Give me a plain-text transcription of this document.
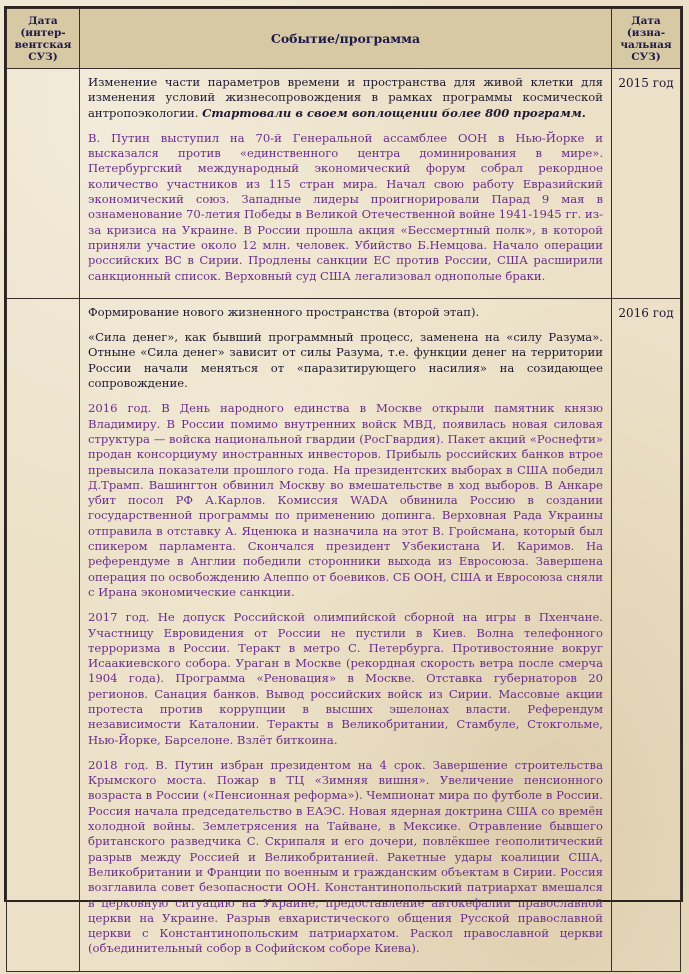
Дата (интер-вентская СУЗ)	Событие/программа	Дата (изна-чальная СУЗ)

	Изменение части параметров времени и пространства для живой клетки для изменения условий жизнесопровождения в рамках программы космической антропоэкологии. Стартовали в своем воплощении более 800 программ.

В. Путин выступил на 70-й Генеральной ассамблее ООН в Нью-Йорке и высказался против «единственного центра доминирования в мире». Петербургский международный экономический форум собрал рекордное количество участников из 115 стран мира. Начал свою работу Евразийский экономический союз. Западные лидеры проигнорировали Парад 9 мая в ознаменование 70-летия Победы в Великой Отечественной войне 1941-1945 гг. из-за кризиса на Украине. В России прошла акция «Бессмертный полк», в которой приняли участие около 12 млн. человек. Убийство Б.Немцова. Начало операции российских ВС в Сирии. Продлены санкции ЕС против России, США расширили санкционный список. Верховный суд США легализовал однополые браки.	2015 год

	Формирование нового жизненного пространства (второй этап).

«Сила денег», как бывший программный процесс, заменена на «силу Разума». Отныне «Сила денег» зависит от силы Разума, т.е. функции денег на территории России начали меняться от «паразитирующего насилия» на созидающее сопровождение.

2016 год. В День народного единства в Москве открыли памятник князю Владимиру. В России помимо внутренних войск МВД, появилась новая силовая структура — войска национальной гвардии (РосГвардия). Пакет акций «Роснефти» продан консорциуму иностранных инвесторов. Прибыль российских банков втрое превысила показатели прошлого года. На президентских выборах в США победил Д.Трамп. Вашингтон обвинил Москву во вмешательстве в ход выборов. В Анкаре убит посол РФ А.Карлов. Комиссия WADA обвинила Россию в создании государственной программы по применению допинга. Верховная Рада Украины отправила в отставку А. Яценюка и назначила на этот В. Гройсмана, который был спикером парламента. Скончался президент Узбекистана И. Каримов. На референдуме в Англии победили сторонники выхода из Евросоюза. Завершена операция по освобождению Алеппо от боевиков. СБ ООН, США и Евросоюза сняли с Ирана экономические санкции.

2017 год. Не допуск Российской олимпийской сборной на игры в Пхенчане. Участницу Евровидения от России не пустили в Киев. Волна телефонного терроризма в России. Теракт в метро С. Петербурга. Противостояние вокруг Исаакиевского собора. Ураган в Москве (рекордная скорость ветра после смерча 1904 года). Программа «Реновация» в Москве. Отставка губернаторов 20 регионов. Санация банков. Вывод российских войск из Сирии. Массовые акции протеста против коррупции в высших эшелонах власти. Референдум независимости Каталонии. Теракты в Великобритании, Стамбуле, Стокгольме, Нью-Йорке, Барселоне. Взлёт биткоина.

2018 год. В. Путин избран президентом на 4 срок. Завершение строительства Крымского моста. Пожар в ТЦ «Зимняя вишня». Увеличение пенсионного возраста в России («Пенсионная реформа»). Чемпионат мира по футболе в России. Россия начала председательство в ЕАЭС. Новая ядерная доктрина США со времён холодной войны. Землетрясения на Тайване, в Мексике. Отравление бывшего британского разведчика С. Скрипаля и его дочери, повлёкшее геополитический разрыв между Россией и Великобританией. Ракетные удары коалиции США, Великобритании и Франции по военным и гражданским объектам в Сирии. Россия возглавила совет безопасности ООН. Константинопольский патриархат вмешался в церковную ситуацию на Украине, предоставление автокефалии православной церкви на Украине. Разрыв евхаристического общения Русской православной церкви с Константинопольским патриархатом. Раскол православной церкви (объединительный собор в Софийском соборе Киева).	2016 год
